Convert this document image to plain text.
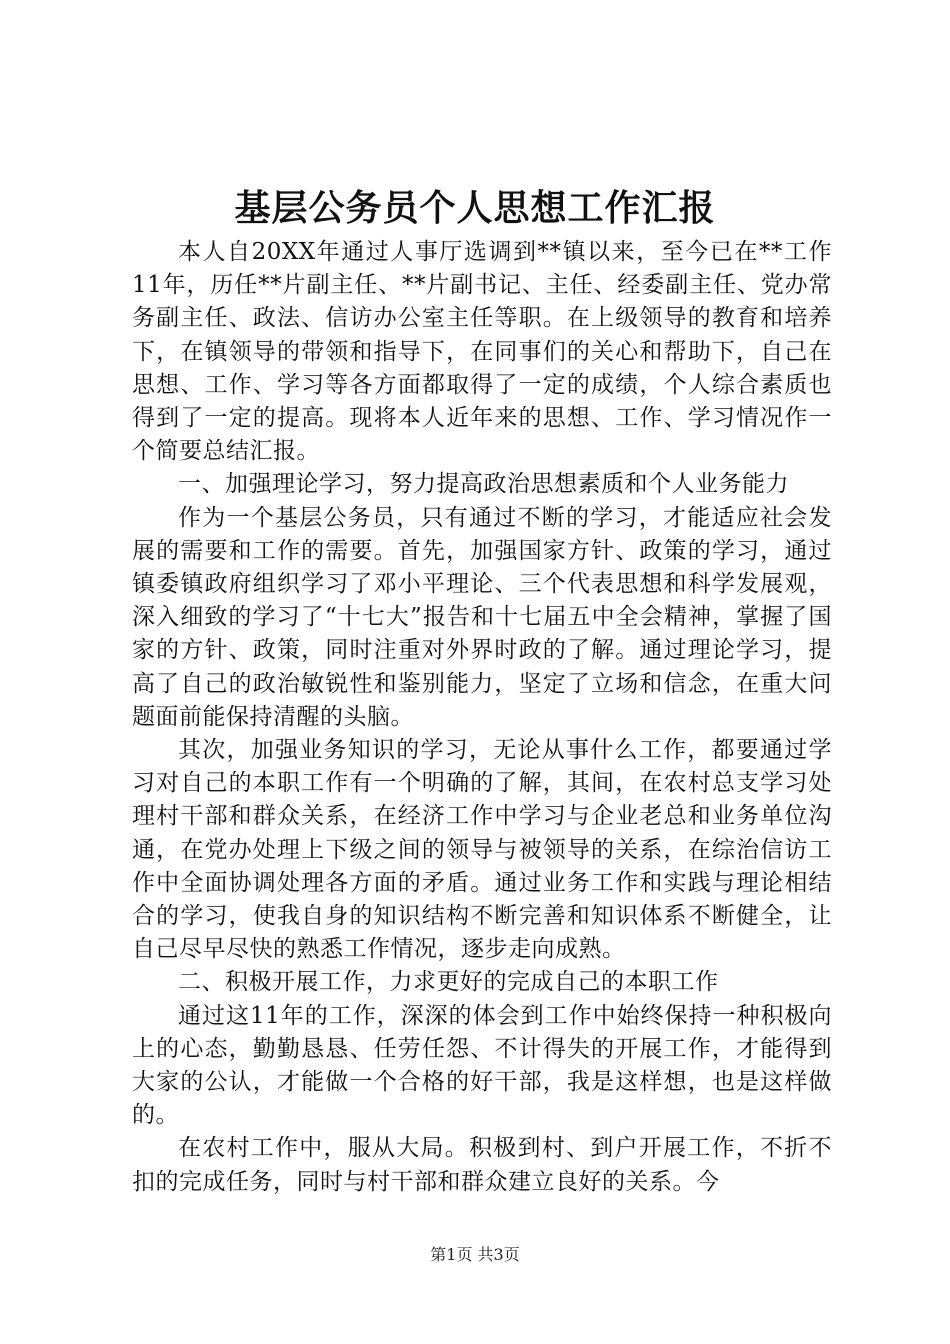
基层公务员个人思想工作汇报

本人自20XX年通过人事厅选调到**镇以来，至今已在**工作11年，历任**片副主任、**片副书记、主任、经委副主任、党办常务副主任、政法、信访办公室主任等职。在上级领导的教育和培养下，在镇领导的带领和指导下，在同事们的关心和帮助下，自己在思想、工作、学习等各方面都取得了一定的成绩，个人综合素质也得到了一定的提高。现将本人近年来的思想、工作、学习情况作一个简要总结汇报。

一、加强理论学习，努力提高政治思想素质和个人业务能力

作为一个基层公务员，只有通过不断的学习，才能适应社会发展的需要和工作的需要。首先，加强国家方针、政策的学习，通过镇委镇政府组织学习了邓小平理论、三个代表思想和科学发展观，深入细致的学习了“十七大”报告和十七届五中全会精神，掌握了国家的方针、政策，同时注重对外界时政的了解。通过理论学习，提高了自己的政治敏锐性和鉴别能力，坚定了立场和信念，在重大问题面前能保持清醒的头脑。

其次，加强业务知识的学习，无论从事什么工作，都要通过学习对自己的本职工作有一个明确的了解，其间，在农村总支学习处理村干部和群众关系，在经济工作中学习与企业老总和业务单位沟通，在党办处理上下级之间的领导与被领导的关系，在综治信访工作中全面协调处理各方面的矛盾。通过业务工作和实践与理论相结合的学习，使我自身的知识结构不断完善和知识体系不断健全，让自己尽早尽快的熟悉工作情况，逐步走向成熟。

二、积极开展工作，力求更好的完成自己的本职工作

通过这11年的工作，深深的体会到工作中始终保持一种积极向上的心态，勤勤恳恳、任劳任怨、不计得失的开展工作，才能得到大家的公认，才能做一个合格的好干部，我是这样想，也是这样做的。

在农村工作中，服从大局。积极到村、到户开展工作，不折不扣的完成任务，同时与村干部和群众建立良好的关系。今

第1页 共3页
